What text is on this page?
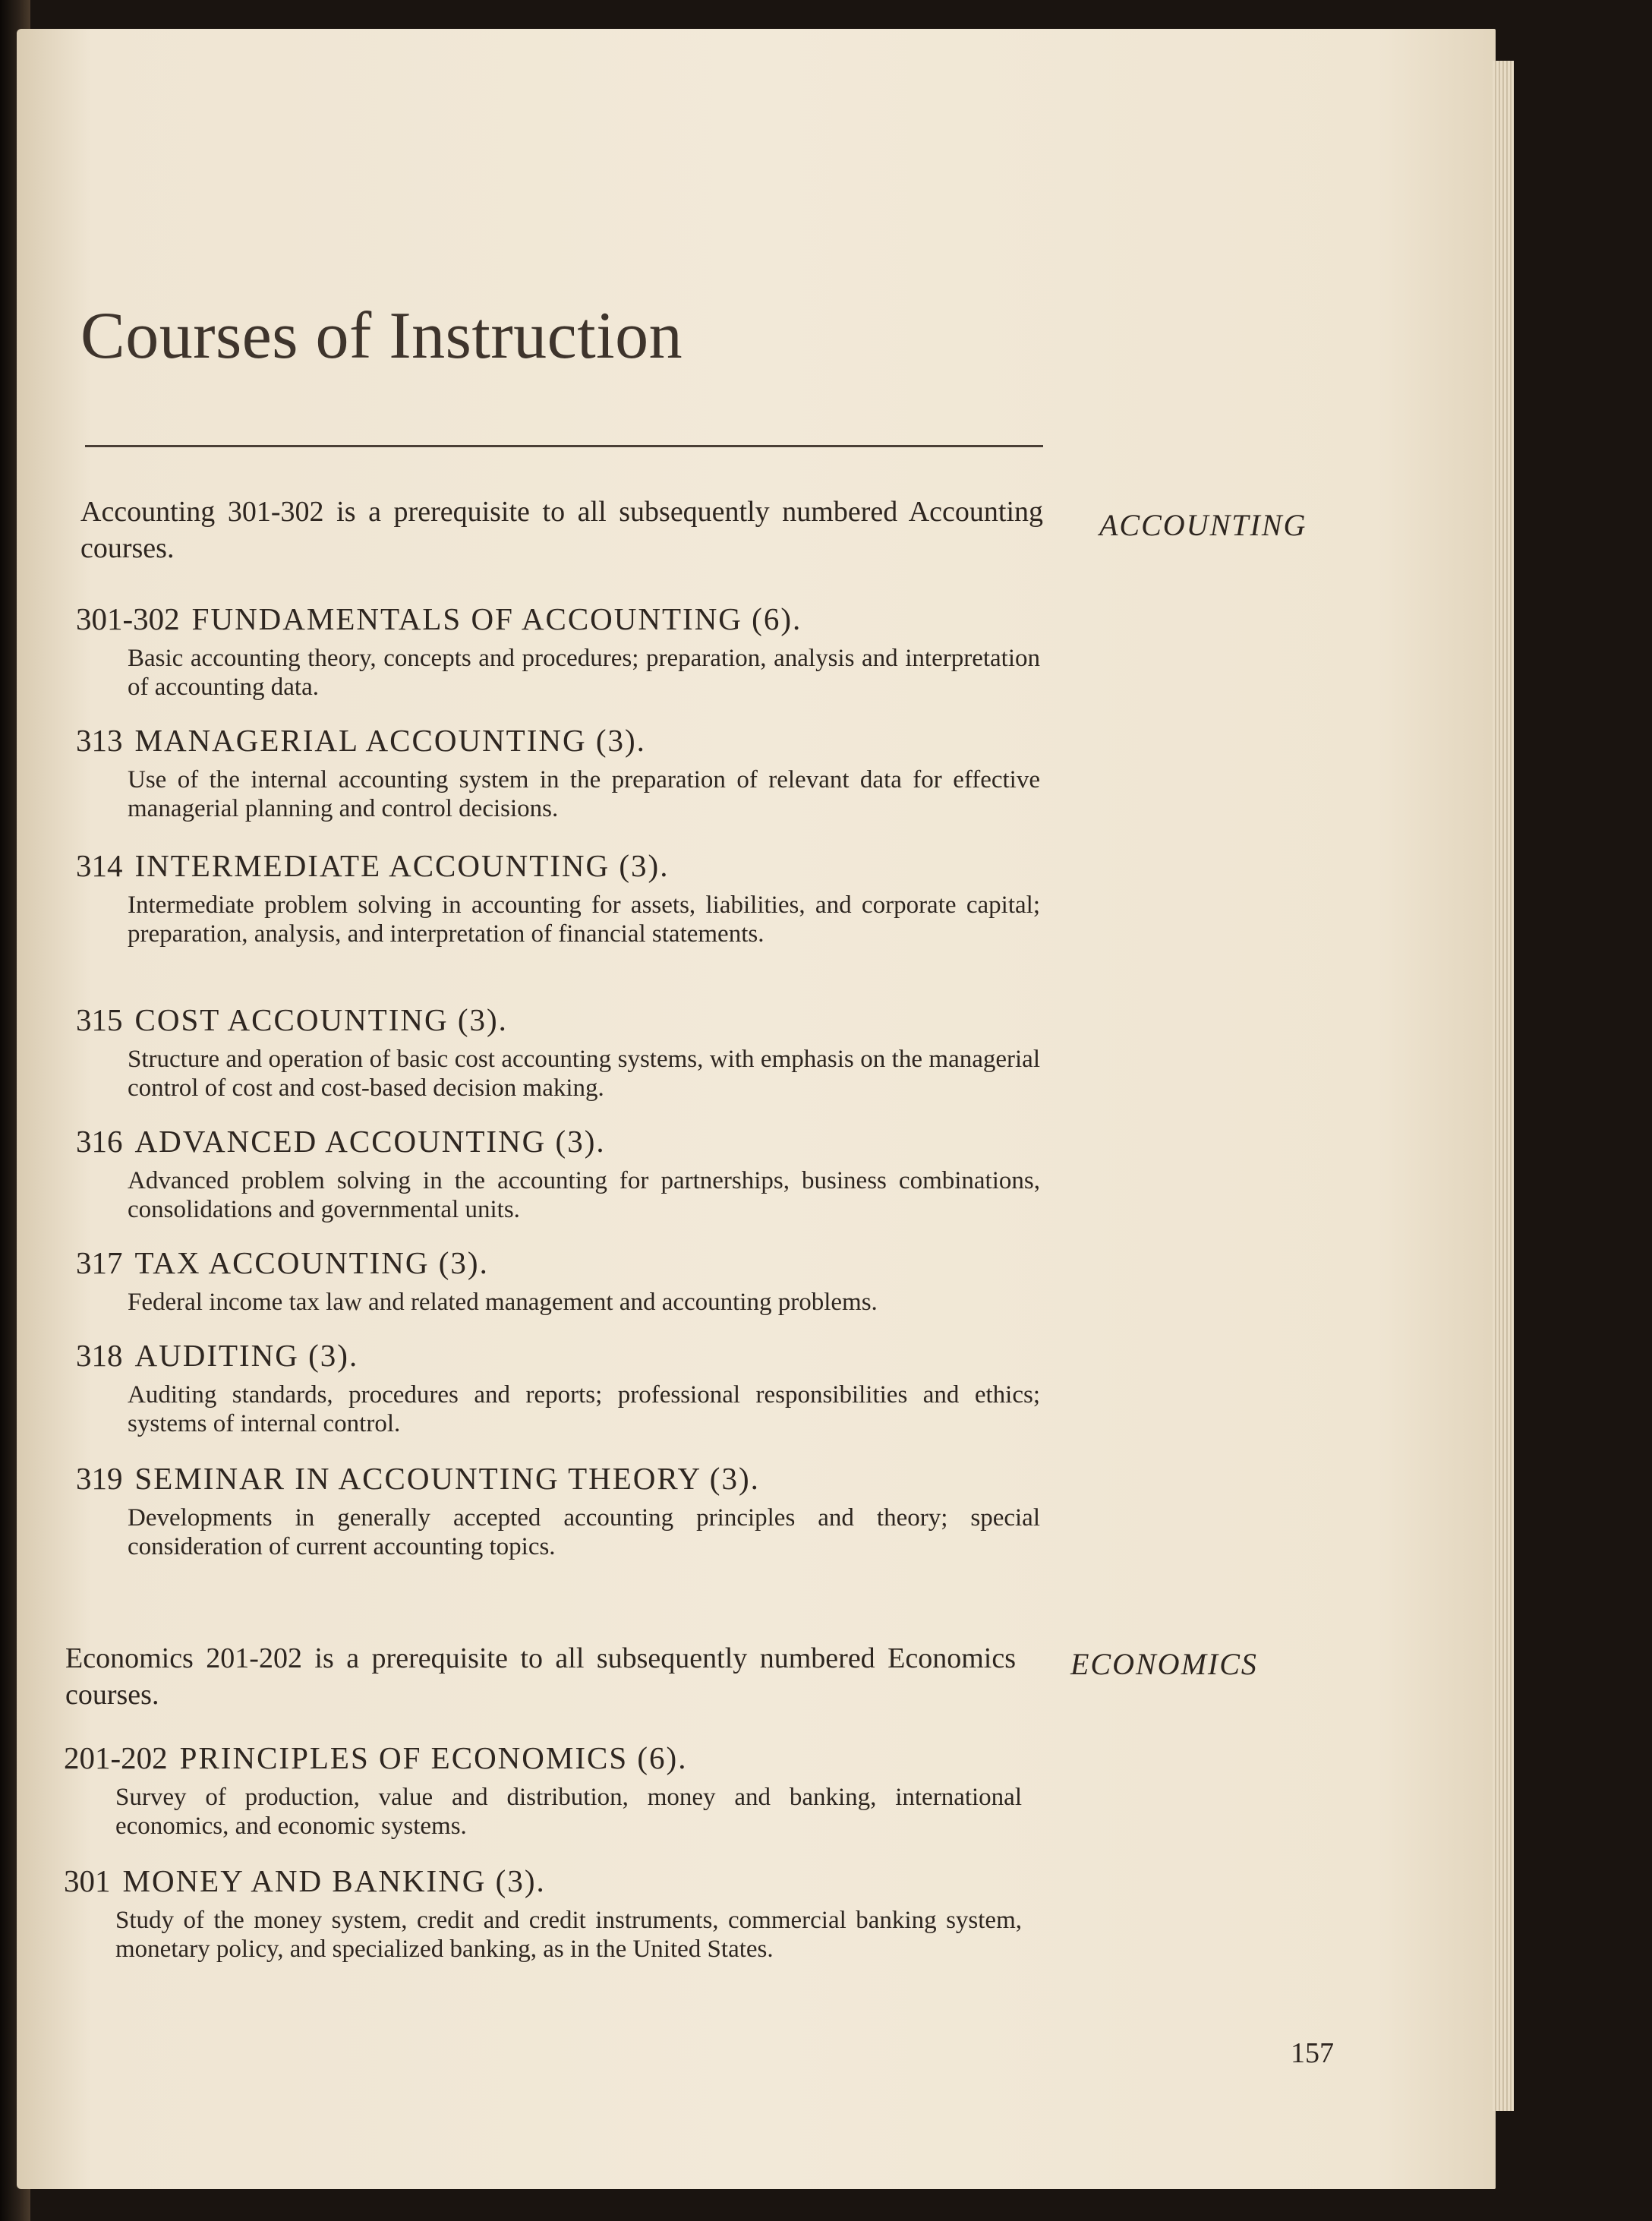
Courses of Instruction
ACCOUNTING
Accounting 301-302 is a prerequisite to all subsequently numbered Accounting courses.
301-302 FUNDAMENTALS OF ACCOUNTING (6).
Basic accounting theory, concepts and procedures; preparation, analysis and interpretation of accounting data.
313 MANAGERIAL ACCOUNTING (3).
Use of the internal accounting system in the preparation of relevant data for effective managerial planning and control decisions.
314 INTERMEDIATE ACCOUNTING (3).
Intermediate problem solving in accounting for assets, liabilities, and corporate capital; preparation, analysis, and interpretation of financial statements.
315 COST ACCOUNTING (3).
Structure and operation of basic cost accounting systems, with emphasis on the managerial control of cost and cost-based decision making.
316 ADVANCED ACCOUNTING (3).
Advanced problem solving in the accounting for partnerships, business combinations, consolidations and governmental units.
317 TAX ACCOUNTING (3).
Federal income tax law and related management and accounting problems.
318 AUDITING (3).
Auditing standards, procedures and reports; professional responsibilities and ethics; systems of internal control.
319 SEMINAR IN ACCOUNTING THEORY (3).
Developments in generally accepted accounting principles and theory; special consideration of current accounting topics.
ECONOMICS
Economics 201-202 is a prerequisite to all subsequently numbered Economics courses.
201-202 PRINCIPLES OF ECONOMICS (6).
Survey of production, value and distribution, money and banking, international economics, and economic systems.
301 MONEY AND BANKING (3).
Study of the money system, credit and credit instruments, commercial banking system, monetary policy, and specialized banking, as in the United States.
157
